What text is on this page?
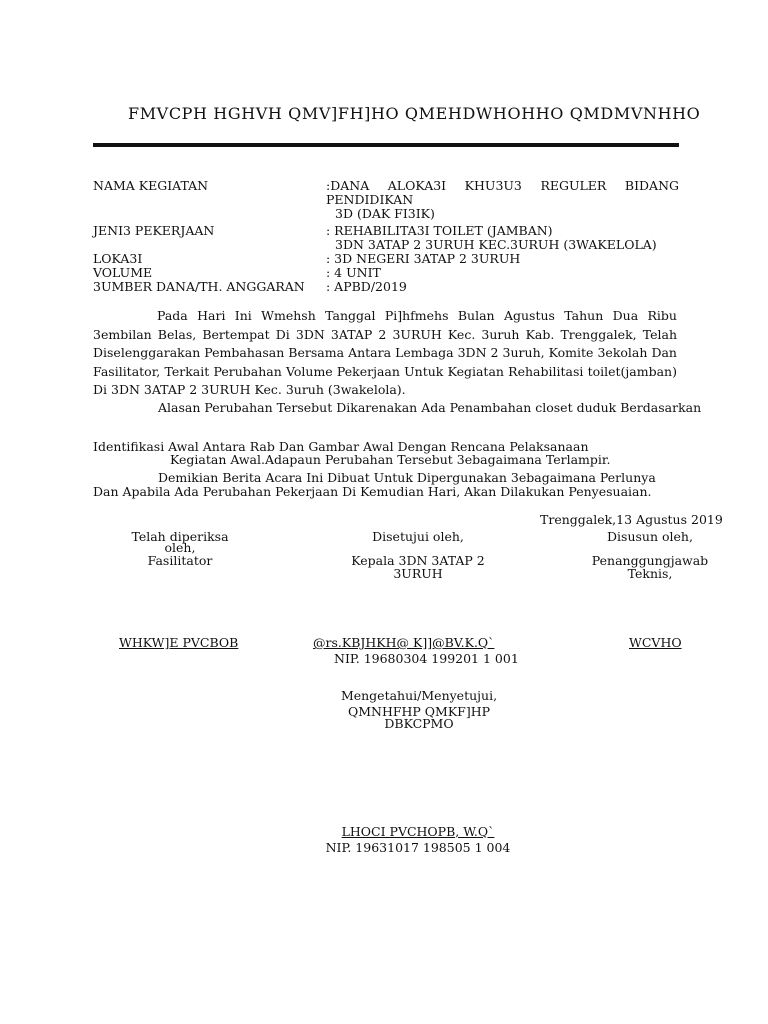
FMVCPH HGHVH QMV]FH]HO QMEHDWHOHHO QMDMVNHHO
NAMA KEGIATAN	:DANA ALOKA3I KHU3U3 REGULER BIDANG PENDIDIKAN
3D (DAK FI3IK)
JENI3 PEKERJAAN	: REHABILITA3I TOILET (JAMBAN)
3DN 3ATAP 2 3URUH KEC.3URUH (3WAKELOLA)
LOKA3I	: 3D NEGERI 3ATAP 2 3URUH
VOLUME	: 4 UNIT
3UMBER DANA/TH. ANGGARAN : APBD/2019
Pada Hari Ini Wmehsh Tanggal Pi]hfmehs Bulan Agustus Tahun Dua Ribu 3embilan Belas, Bertempat Di 3DN 3ATAP 2 3URUH Kec. 3uruh Kab. Trenggalek, Telah Diselenggarakan Pembahasan Bersama Antara Lembaga 3DN 2 3uruh, Komite 3ekolah Dan Fasilitator, Terkait Perubahan Volume Pekerjaan Untuk Kegiatan Rehabilitasi toilet(jamban) Di 3DN 3ATAP 2 3URUH Kec. 3uruh (3wakelola).
Alasan Perubahan Tersebut Dikarenakan Ada Penambahan closet duduk Berdasarkan
Identifikasi Awal Antara Rab Dan Gambar Awal Dengan Rencana Pelaksanaan
Kegiatan Awal.Adapaun Perubahan Tersebut 3ebagaimana Terlampir.
Demikian Berita Acara Ini Dibuat Untuk Dipergunakan 3ebagaimana Perlunya
Dan Apabila Ada Perubahan Pekerjaan Di Kemudian Hari, Akan Dilakukan Penyesuaian.
Trenggalek,13 Agustus 2019
Telah diperiksa
oleh,
Fasilitator
WHKW]E PVCBOB
Disetujui oleh,
Kepala 3DN 3ATAP 2
3URUH
@rs.KBJHKH@ K]]@BV.K.Q`
NIP. 19680304 199201 1 001
Disusun oleh,
Penanggungjawab
Teknis,
WCVHO
Mengetahui/Menyetujui,
QMNHFHP QMKF]HP
DBKCPMO
LHOCI PVCHOPB, W.Q`
NIP. 19631017 198505 1 004
